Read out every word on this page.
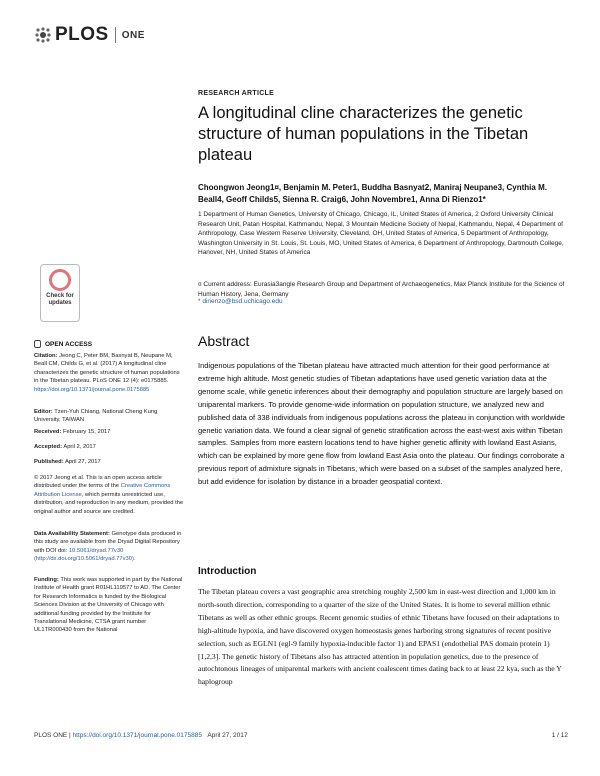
PLOS ONE
RESEARCH ARTICLE
A longitudinal cline characterizes the genetic structure of human populations in the Tibetan plateau
Choongwon Jeong1¤, Benjamin M. Peter1, Buddha Basnyat2, Maniraj Neupane3, Cynthia M. Beall4, Geoff Childs5, Sienna R. Craig6, John Novembre1, Anna Di Rienzo1*
1 Department of Human Genetics, University of Chicago, Chicago, IL, United States of America, 2 Oxford University Clinical Research Unit, Patan Hospital, Kathmandu, Nepal, 3 Mountain Medicine Society of Nepal, Kathmandu, Nepal, 4 Department of Anthropology, Case Western Reserve University, Cleveland, OH, United States of America, 5 Department of Anthropology, Washington University in St. Louis, St. Louis, MO, United States of America, 6 Department of Anthropology, Dartmouth College, Hanover, NH, United States of America
¤ Current address: Eurasia3angle Research Group and Department of Archaeogenetics, Max Planck Institute for the Science of Human History, Jena, Germany
* dirienzo@bsd.uchicago.edu
Check for
updates
OPEN ACCESS
Citation: Jeong C, Peter BM, Basnyat B, Neupane M, Beall CM, Childs G, et al. (2017) A longitudinal cline characterizes the genetic structure of human populations in the Tibetan plateau. PLoS ONE 12 (4): e0175885. https://doi.org/10.1371/journal.pone.0175885
Editor: Tzen-Yuh Chiang, National Cheng Kung University, TAIWAN
Received: February 15, 2017
Accepted: April 2, 2017
Published: April 27, 2017
© 2017 Jeong et al. This is an open access article distributed under the terms of the Creative Commons Attribution License, which permits unrestricted use, distribution, and reproduction in any medium, provided the original author and source are credited.
Data Availability Statement: Genotype data produced in this study are available from the Dryad Digital Repository with DOI doi: 10.5061/dryad.77v30 (http://dx.doi.org/10.5061/dryad.77v30).
Funding: This work was supported in part by the National Institute of Health grant R01HL119577 to AD. The Center for Research Informatics is funded by the Biological Sciences Division at the University of Chicago with additional funding provided by the Institute for Translational Medicine, CTSA grant number UL1TR000430 from the National
Abstract
Indigenous populations of the Tibetan plateau have attracted much attention for their good performance at extreme high altitude. Most genetic studies of Tibetan adaptations have used genetic variation data at the genome scale, while genetic inferences about their demography and population structure are largely based on uniparental markers. To provide genome-wide information on population structure, we analyzed new and published data of 338 individuals from indigenous populations across the plateau in conjunction with worldwide genetic variation data. We found a clear signal of genetic stratification across the east-west axis within Tibetan samples. Samples from more eastern locations tend to have higher genetic affinity with lowland East Asians, which can be explained by more gene flow from lowland East Asia onto the plateau. Our findings corroborate a previous report of admixture signals in Tibetans, which were based on a subset of the samples analyzed here, but add evidence for isolation by distance in a broader geospatial context.
Introduction
The Tibetan plateau covers a vast geographic area stretching roughly 2,500 km in east-west direction and 1,000 km in north-south direction, corresponding to a quarter of the size of the United States. It is home to several million ethnic Tibetans as well as other ethnic groups. Recent genomic studies of ethnic Tibetans have focused on their adaptations to high-altitude hypoxia, and have discovered oxygen homeostasis genes harboring strong signatures of recent positive selection, such as EGLN1 (egl-9 family hypoxia-inducible factor 1) and EPAS1 (endothelial PAS domain protein 1) [1,2,3]. The genetic history of Tibetans also has attracted attention in population genetics, due to the presence of autochtonous lineages of uniparental markers with ancient coalescent times dating back to at least 22 kya, such as the Y haplogroup
PLOS ONE | https://doi.org/10.1371/journal.pone.0175885 April 27, 2017	1 / 12
